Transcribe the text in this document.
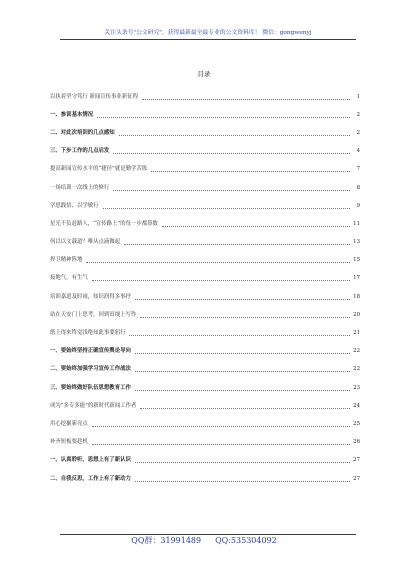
关注头条号"公文研究"，获得最新最全最专业的公文资料库！ 微信：gongwenyj
目录
以执着坚守笃行 新闻宣传事业新征程	1
一、参训基本情况	2
二、对此次培训的几点感知	2
三、下步工作的几点启发	4
提高新闻宣传水平的“捷径”就是勤学苦练	7
一场培训一次线上的修行	8
学思践悟、以学敏行	9
星光不负赶路人，“宣传路上”的每一步都算数	11
何以以文载道？唯从点滴做起	13
捍卫精神阵地	15
接地气，有生气	17
培训嘉道及时雨，知识润得多事抒	18
站在天安门上思考，回到田埂上写作	20
纸上得来终觉浅绝知此事要躬行	21
一、要始终坚持正确宣传舆论导向	22
二、要始终加强学习宣传工作战法	22
三、要始终做好队伍思想教育工作	23
成为“多专多能”的新时代新闻工作者	24
用心挖掘新亮点	25
补齐短板要趁机	26
一、认真聆听，思想上有了新认识	27
二、自我反思，工作上有了新动力	27
QQ群：31991489 QQ:535304092
